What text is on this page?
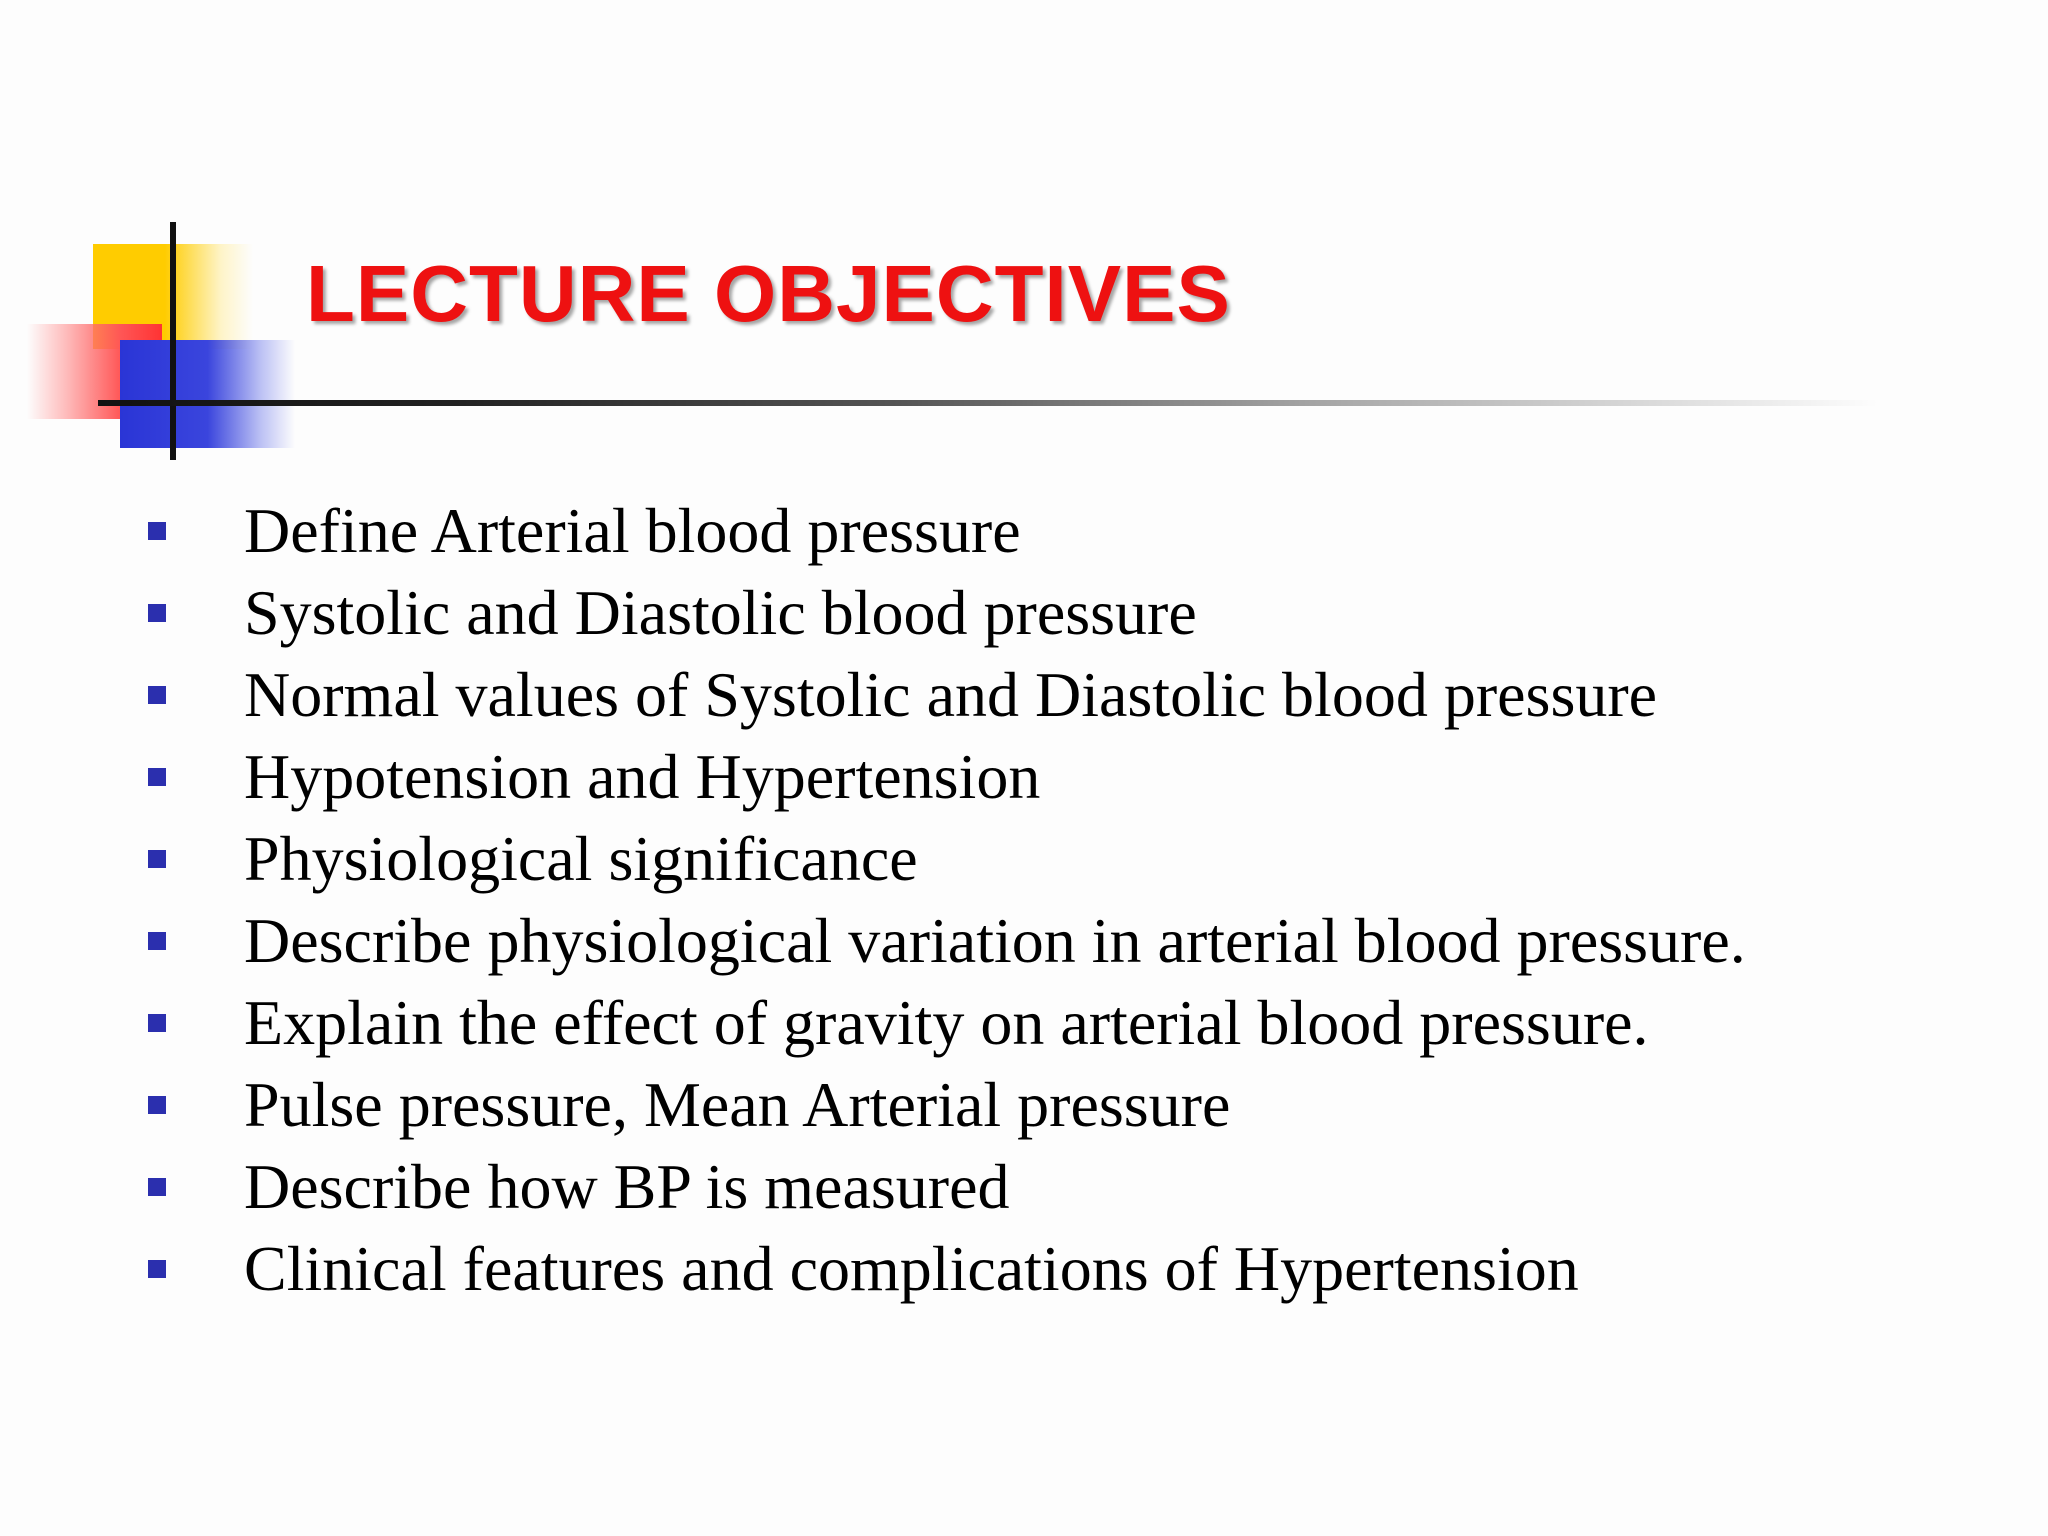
LECTURE OBJECTIVES
Define Arterial blood pressure
Systolic and Diastolic blood pressure
Normal values of Systolic and Diastolic blood pressure
Hypotension and Hypertension
Physiological significance
Describe physiological variation in arterial blood pressure.
Explain the effect of gravity on arterial blood pressure.
Pulse pressure, Mean Arterial pressure
Describe how BP is measured
Clinical features and complications of Hypertension
